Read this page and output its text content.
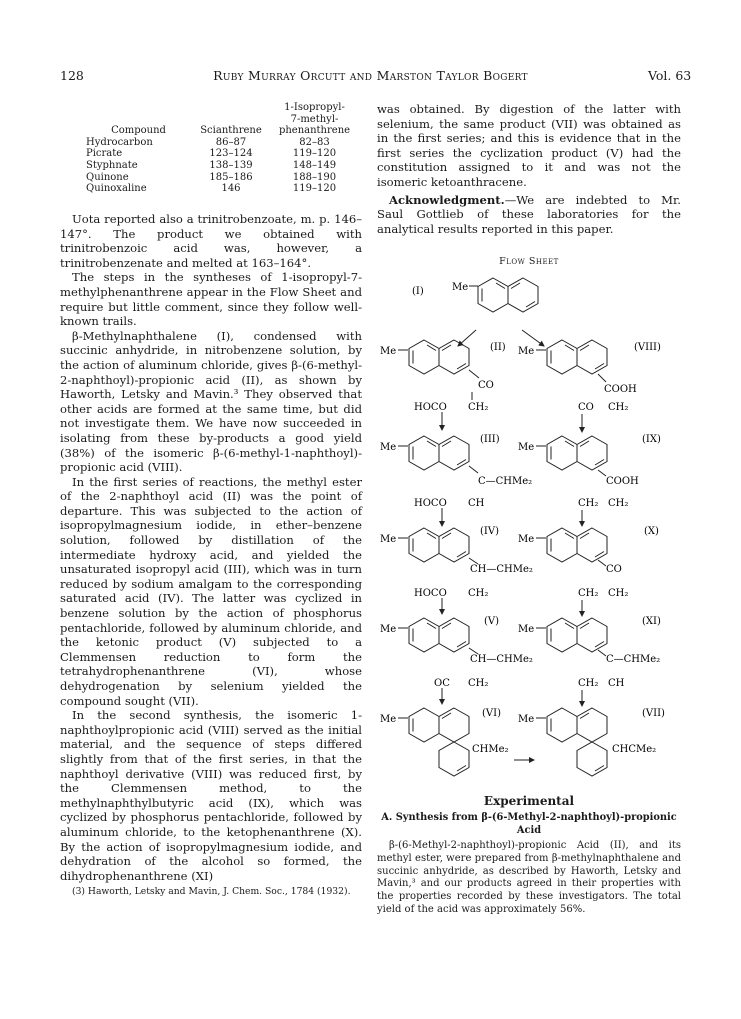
128	Ruby Murray Orcutt and Marston Taylor Bogert	Vol. 63
		1-Isopropyl-
		7-methyl-
Compound	Scianthrene	phenanthrene
Hydrocarbon	86–87	82–83
Picrate	123–124	119–120
Styphnate	138–139	148–149
Quinone	185–186	188–190
Quinoxaline	146	119–120

Uota reported also a trinitrobenzoate, m. p. 146–147°. The product we obtained with trinitrobenzoic acid was, however, a trinitrobenzenate and melted at 163–164°.

The steps in the syntheses of 1-isopropyl-7-methylphenanthrene appear in the Flow Sheet and require but little comment, since they follow well-known trails.

β-Methylnaphthalene (I), condensed with succinic anhydride, in nitrobenzene solution, by the action of aluminum chloride, gives β-(6-methyl-2-naphthoyl)-propionic acid (II), as shown by Haworth, Letsky and Mavin.³ They observed that other acids are formed at the same time, but did not investigate them. We have now succeeded in isolating from these by-products a good yield (38%) of the isomeric β-(6-methyl-1-naphthoyl)-propionic acid (VIII).

In the first series of reactions, the methyl ester of the 2-naphthoyl acid (II) was the point of departure. This was subjected to the action of isopropylmagnesium iodide, in ether–benzene solution, followed by distillation of the intermediate hydroxy acid, and yielded the unsaturated isopropyl acid (III), which was in turn reduced by sodium amalgam to the corresponding saturated acid (IV). The latter was cyclized in benzene solution by the action of phosphorus pentachloride, followed by aluminum chloride, and the ketonic product (V) subjected to a Clemmensen reduction to form the tetrahydrophenanthrene (VI), whose dehydrogenation by selenium yielded the compound sought (VII).

In the second synthesis, the isomeric 1-naphthoylpropionic acid (VIII) served as the initial material, and the sequence of steps differed slightly from that of the first series, in that the naphthoyl derivative (VIII) was reduced first, by the Clemmensen method, to the methylnaphthylbutyric acid (IX), which was cyclized by phosphorus pentachloride, followed by aluminum chloride, to the ketophenanthrene (X). By the action of isopropylmagnesium iodide, and dehydration of the alcohol so formed, the dihydrophenanthrene (XI)

(3) Haworth, Letsky and Mavin, J. Chem. Soc., 1784 (1932).

was obtained. By digestion of the latter with selenium, the same product (VII) was obtained as in the first series; and this is evidence that in the first series the cyclization product (V) had the constitution assigned to it and was not the isomeric ketoanthracene.

Acknowledgment.—We are indebted to Mr. Saul Gottlieb of these laboratories for the analytical results reported in this paper.

Flow Sheet
(I)	Me
Me	(II)
CO
HOCO CH₂
Me
(III)
C—CHMe₂
HOCO CH
Me
(IV)
CH—CHMe₂
HOCO CH₂
Me
(V)
CH—CHMe₂
OC CH₂
Me
(VI)
CHMe₂
Me	(VIII)
COOH
CO CH₂
Me
(IX)
COOH
CH₂ CH₂
Me
(X)
CO
CH₂ CH₂
Me
(XI)
C—CHMe₂
CH₂ CH
Me
(VII)
CHCMe₂
Experimental
A. Synthesis from β-(6-Methyl-2-naphthoyl)-propionic
Acid

β-(6-Methyl-2-naphthoyl)-propionic Acid (II), and its methyl ester, were prepared from β-methylnaphthalene and succinic anhydride, as described by Haworth, Letsky and Mavin,³ and our products agreed in their properties with the properties recorded by these investigators. The total yield of the acid was approximately 56%.
